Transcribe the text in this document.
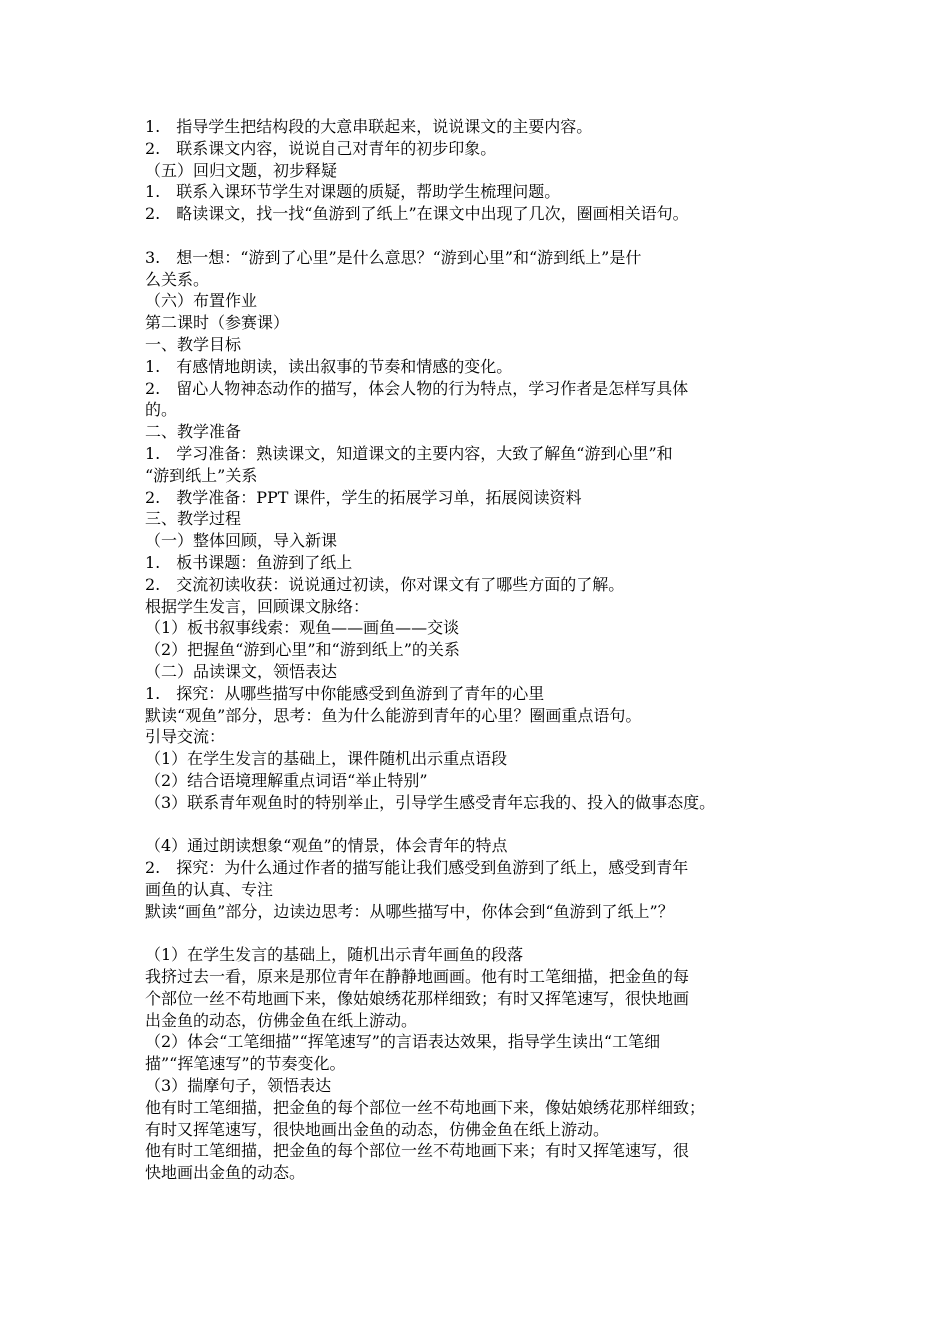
1.　指导学生把结构段的大意串联起来，说说课文的主要内容。
2.　联系课文内容，说说自己对青年的初步印象。
（五）回归文题，初步释疑
1.　联系入课环节学生对课题的质疑，帮助学生梳理问题。
2.　略读课文，找一找“鱼游到了纸上”在课文中出现了几次，圈画相关语句。
3.　想一想：“游到了心里”是什么意思？“游到心里”和“游到纸上”是什
么关系。
（六）布置作业
第二课时（参赛课）
一、教学目标
1.　有感情地朗读，读出叙事的节奏和情感的变化。
2.　留心人物神态动作的描写，体会人物的行为特点，学习作者是怎样写具体
的。
二、教学准备
1.　学习准备：熟读课文，知道课文的主要内容，大致了解鱼“游到心里”和
“游到纸上”关系
2.　教学准备：PPT 课件，学生的拓展学习单，拓展阅读资料
三、教学过程
（一）整体回顾，导入新课
1.　板书课题：鱼游到了纸上
2.　交流初读收获：说说通过初读，你对课文有了哪些方面的了解。
根据学生发言，回顾课文脉络：
（1）板书叙事线索：观鱼——画鱼——交谈
（2）把握鱼“游到心里”和“游到纸上”的关系
（二）品读课文，领悟表达
1.　探究：从哪些描写中你能感受到鱼游到了青年的心里
默读“观鱼”部分，思考：鱼为什么能游到青年的心里？圈画重点语句。
引导交流：
（1）在学生发言的基础上，课件随机出示重点语段
（2）结合语境理解重点词语“举止特别”
（3）联系青年观鱼时的特别举止，引导学生感受青年忘我的、投入的做事态度。
（4）通过朗读想象“观鱼”的情景，体会青年的特点
2.　探究：为什么通过作者的描写能让我们感受到鱼游到了纸上，感受到青年
画鱼的认真、专注
默读“画鱼”部分，边读边思考：从哪些描写中，你体会到“鱼游到了纸上”？
（1）在学生发言的基础上，随机出示青年画鱼的段落
我挤过去一看，原来是那位青年在静静地画画。他有时工笔细描，把金鱼的每
个部位一丝不苟地画下来，像姑娘绣花那样细致；有时又挥笔速写，很快地画
出金鱼的动态，仿佛金鱼在纸上游动。
（2）体会“工笔细描”“挥笔速写”的言语表达效果，指导学生读出“工笔细
描”“挥笔速写”的节奏变化。
（3）揣摩句子，领悟表达
他有时工笔细描，把金鱼的每个部位一丝不苟地画下来，像姑娘绣花那样细致；
有时又挥笔速写，很快地画出金鱼的动态，仿佛金鱼在纸上游动。
他有时工笔细描，把金鱼的每个部位一丝不苟地画下来；有时又挥笔速写，很
快地画出金鱼的动态。
